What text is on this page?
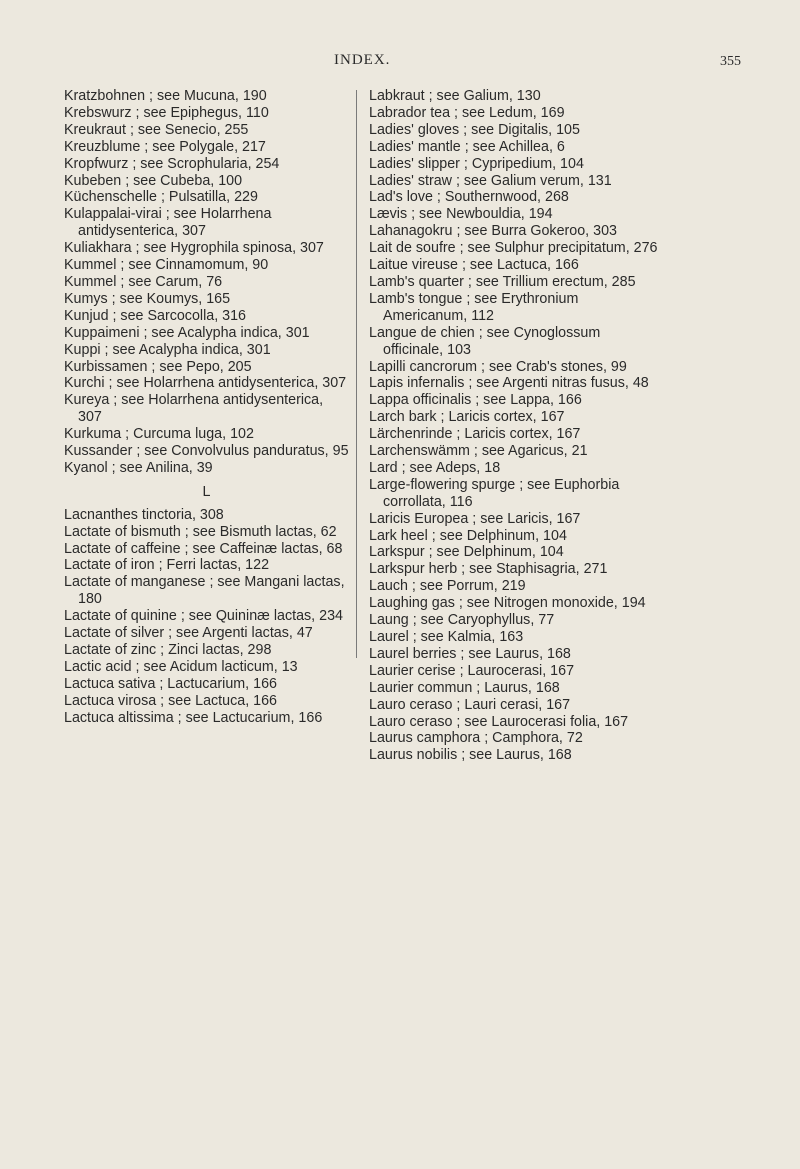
INDEX.	355

Kratzbohnen ; see Mucuna, 190

Krebswurz ; see Epiphegus, 110

Kreukraut ; see Senecio, 255

Kreuzblume ; see Polygale, 217

Kropfwurz ; see Scrophularia, 254

Kubeben ; see Cubeba, 100

Küchenschelle ; Pulsatilla, 229

Kulappalai-virai ; see Holarrhena antidysenterica, 307

Kuliakhara ; see Hygrophila spinosa, 307

Kummel ; see Cinnamomum, 90

Kummel ; see Carum, 76

Kumys ; see Koumys, 165

Kunjud ; see Sarcocolla, 316

Kuppaimeni ; see Acalypha indica, 301

Kuppi ; see Acalypha indica, 301

Kurbissamen ; see Pepo, 205

Kurchi ; see Holarrhena antidysenterica, 307

Kureya ; see Holarrhena antidysenterica, 307

Kurkuma ; Curcuma luga, 102

Kussander ; see Convolvulus panduratus, 95

Kyanol ; see Anilina, 39

L

Lacnanthes tinctoria, 308

Lactate of bismuth ; see Bismuth lactas, 62

Lactate of caffeine ; see Caffeinæ lactas, 68

Lactate of iron ; Ferri lactas, 122

Lactate of manganese ; see Mangani lactas, 180

Lactate of quinine ; see Quininæ lactas, 234

Lactate of silver ; see Argenti lactas, 47

Lactate of zinc ; Zinci lactas, 298

Lactic acid ; see Acidum lacticum, 13

Lactuca sativa ; Lactucarium, 166

Lactuca virosa ; see Lactuca, 166

Lactuca altissima ; see Lactucarium, 166

Labkraut ; see Galium, 130

Labrador tea ; see Ledum, 169

Ladies' gloves ; see Digitalis, 105

Ladies' mantle ; see Achillea, 6

Ladies' slipper ; Cypripedium, 104

Ladies' straw ; see Galium verum, 131

Lad's love ; Southernwood, 268

Lævis ; see Newbouldia, 194

Lahanagokru ; see Burra Gokeroo, 303

Lait de soufre ; see Sulphur precipitatum, 276

Laitue vireuse ; see Lactuca, 166

Lamb's quarter ; see Trillium erectum, 285

Lamb's tongue ; see Erythronium Americanum, 112

Langue de chien ; see Cynoglossum officinale, 103

Lapilli cancrorum ; see Crab's stones, 99

Lapis infernalis ; see Argenti nitras fusus, 48

Lappa officinalis ; see Lappa, 166

Larch bark ; Laricis cortex, 167

Lärchenrinde ; Laricis cortex, 167

Larchenswämm ; see Agaricus, 21

Lard ; see Adeps, 18

Large-flowering spurge ; see Euphorbia corrollata, 116

Laricis Europea ; see Laricis, 167

Lark heel ; see Delphinum, 104

Larkspur ; see Delphinum, 104

Larkspur herb ; see Staphisagria, 271

Lauch ; see Porrum, 219

Laughing gas ; see Nitrogen monoxide, 194

Laung ; see Caryophyllus, 77

Laurel ; see Kalmia, 163

Laurel berries ; see Laurus, 168

Laurier cerise ; Laurocerasi, 167

Laurier commun ; Laurus, 168

Lauro ceraso ; Lauri cerasi, 167

Lauro ceraso ; see Laurocerasi folia, 167

Laurus camphora ; Camphora, 72

Laurus nobilis ; see Laurus, 168
